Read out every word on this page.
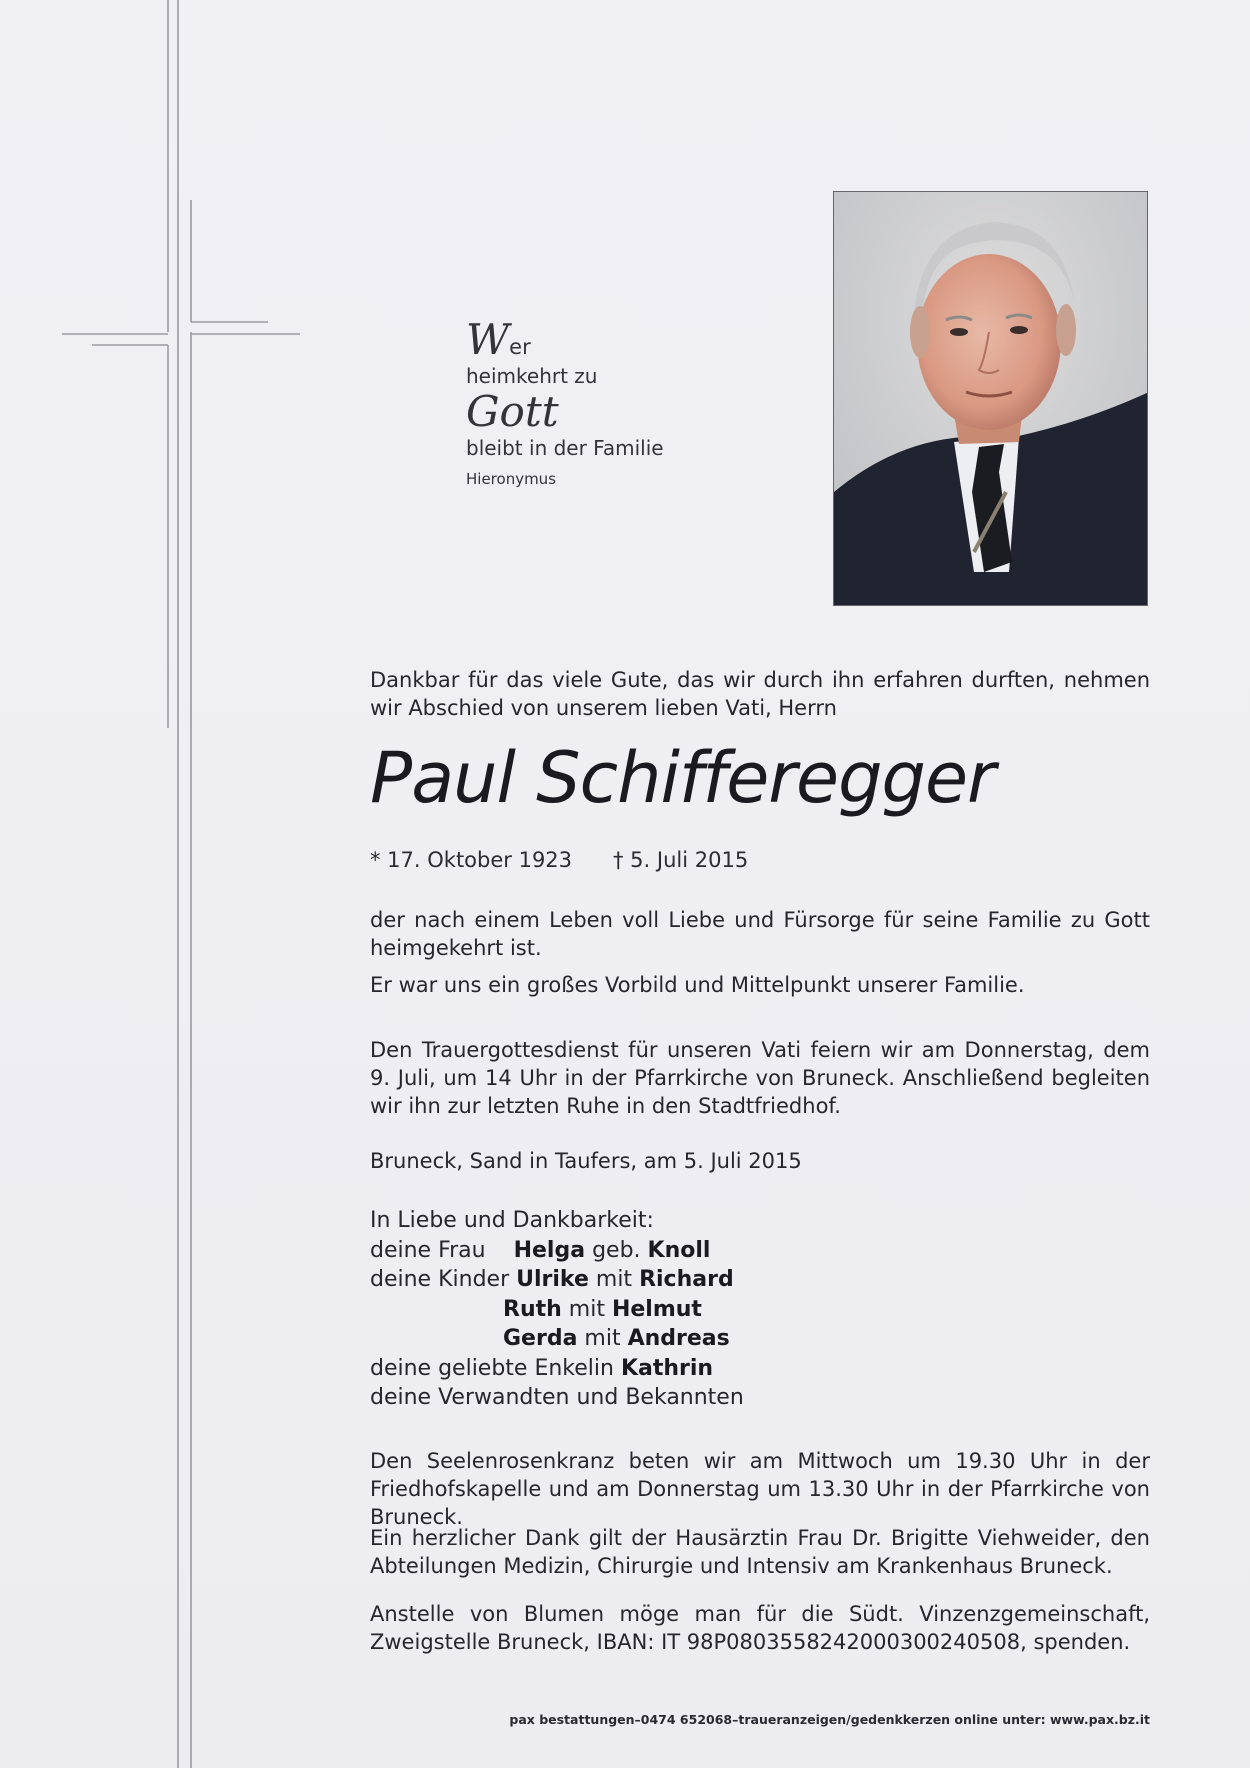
Wer
heimkehrt zu
Gott
bleibt in der Familie
Hieronymus
Dankbar für das viele Gute, das wir durch ihn erfahren durften, nehmen wir Abschied von unserem lieben Vati, Herrn
Paul Schifferegger
* 17. Oktober 1923 † 5. Juli 2015
der nach einem Leben voll Liebe und Fürsorge für seine Familie zu Gott heimgekehrt ist.
Er war uns ein großes Vorbild und Mittelpunkt unserer Familie.
Den Trauergottesdienst für unseren Vati feiern wir am Donnerstag, dem 9. Juli, um 14 Uhr in der Pfarrkirche von Bruneck. Anschließend begleiten wir ihn zur letzten Ruhe in den Stadtfriedhof.
Bruneck, Sand in Taufers, am 5. Juli 2015
In Liebe und Dankbarkeit:
deine Frau Helga geb. Knoll
deine Kinder Ulrike mit Richard
Ruth mit Helmut
Gerda mit Andreas
deine geliebte Enkelin Kathrin
deine Verwandten und Bekannten
Den Seelenrosenkranz beten wir am Mittwoch um 19.30 Uhr in der Friedhofskapelle und am Donnerstag um 13.30 Uhr in der Pfarrkirche von Bruneck.
Ein herzlicher Dank gilt der Hausärztin Frau Dr. Brigitte Viehweider, den Abteilungen Medizin, Chirurgie und Intensiv am Krankenhaus Bruneck.
Anstelle von Blumen möge man für die Südt. Vinzenzgemeinschaft, Zweigstelle Bruneck, IBAN: IT 98P0803558242000300240508, spenden.
pax bestattungen–0474 652068–traueranzeigen/gedenkkerzen online unter: www.pax.bz.it
